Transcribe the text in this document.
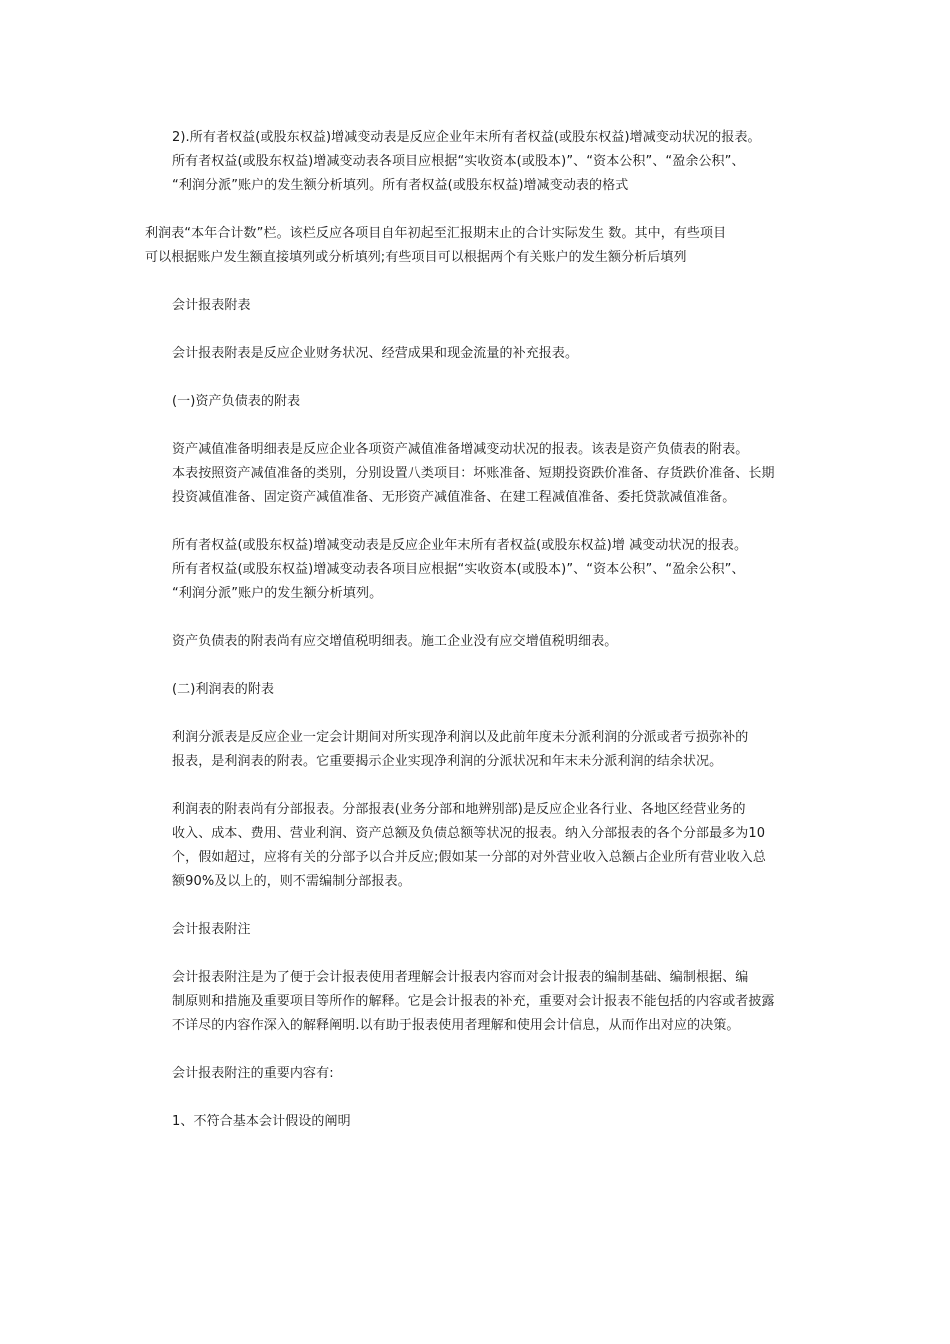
2).所有者权益(或股东权益)增减变动表是反应企业年末所有者权益(或股东权益)增减变动状况的报表。
所有者权益(或股东权益)增减变动表各项目应根据“实收资本(或股本)”、“资本公积”、“盈余公积”、
“利润分派”账户的发生额分析填列。所有者权益(或股东权益)增减变动表的格式

利润表“本年合计数”栏。该栏反应各项目自年初起至汇报期末止的合计实际发生 数。其中，有些项目
可以根据账户发生额直接填列或分析填列;有些项目可以根据两个有关账户的发生额分析后填列

会计报表附表

会计报表附表是反应企业财务状况、经营成果和现金流量的补充报表。

(一)资产负债表的附表

资产减值准备明细表是反应企业各项资产减值准备增减变动状况的报表。该表是资产负债表的附表。
本表按照资产减值准备的类别，分别设置八类项目：坏账准备、短期投资跌价准备、存货跌价准备、长期
投资减值准备、固定资产减值准备、无形资产减值准备、在建工程减值准备、委托贷款减值准备。

所有者权益(或股东权益)增减变动表是反应企业年末所有者权益(或股东权益)增 减变动状况的报表。
所有者权益(或股东权益)增减变动表各项目应根据“实收资本(或股本)”、“资本公积”、“盈余公积”、
“利润分派”账户的发生额分析填列。

资产负债表的附表尚有应交增值税明细表。施工企业没有应交增值税明细表。

(二)利润表的附表

利润分派表是反应企业一定会计期间对所实现净利润以及此前年度未分派利润的分派或者亏损弥补的
报表，是利润表的附表。它重要揭示企业实现净利润的分派状况和年末未分派利润的结余状况。

利润表的附表尚有分部报表。分部报表(业务分部和地辨别部)是反应企业各行业、各地区经营业务的
收入、成本、费用、营业利润、资产总额及负债总额等状况的报表。纳入分部报表的各个分部最多为10
个，假如超过，应将有关的分部予以合并反应;假如某一分部的对外营业收入总额占企业所有营业收入总
额90%及以上的，则不需编制分部报表。

会计报表附注

会计报表附注是为了便于会计报表使用者理解会计报表内容而对会计报表的编制基础、编制根据、编
制原则和措施及重要项目等所作的解释。它是会计报表的补充，重要对会计报表不能包括的内容或者披露
不详尽的内容作深入的解释阐明.以有助于报表使用者理解和使用会计信息，从而作出对应的决策。

会计报表附注的重要内容有:

1、不符合基本会计假设的阐明
